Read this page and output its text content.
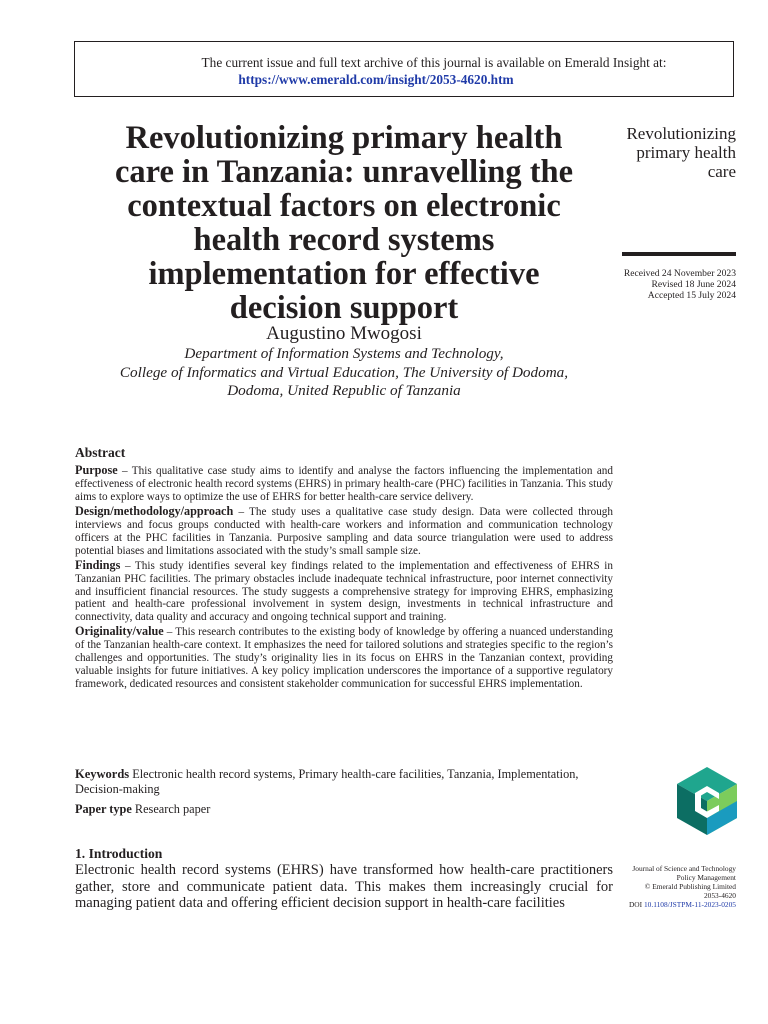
The current issue and full text archive of this journal is available on Emerald Insight at:
https://www.emerald.com/insight/2053-4620.htm
Revolutionizing primary health
care in Tanzania: unravelling the
contextual factors on electronic
health record systems
implementation for effective
decision support
Augustino Mwogosi
Department of Information Systems and Technology,
College of Informatics and Virtual Education, The University of Dodoma,
Dodoma, United Republic of Tanzania
Revolutionizing
primary health
care
Received 24 November 2023
Revised 18 June 2024
Accepted 15 July 2024
Abstract

Purpose – This qualitative case study aims to identify and analyse the factors influencing the implementation and effectiveness of electronic health record systems (EHRS) in primary health-care (PHC) facilities in Tanzania. This study aims to explore ways to optimize the use of EHRS for better health-care service delivery.

Design/methodology/approach – The study uses a qualitative case study design. Data were collected through interviews and focus groups conducted with health-care workers and information and communication technology officers at the PHC facilities in Tanzania. Purposive sampling and data source triangulation were used to address potential biases and limitations associated with the study’s small sample size.

Findings – This study identifies several key findings related to the implementation and effectiveness of EHRS in Tanzanian PHC facilities. The primary obstacles include inadequate technical infrastructure, poor internet connectivity and insufficient financial resources. The study suggests a comprehensive strategy for improving EHRS, emphasizing patient and health-care professional involvement in system design, investments in technical infrastructure and connectivity, data quality and accuracy and ongoing technical support and training.

Originality/value – This research contributes to the existing body of knowledge by offering a nuanced understanding of the Tanzanian health-care context. It emphasizes the need for tailored solutions and strategies specific to the region’s challenges and opportunities. The study’s originality lies in its focus on EHRS in the Tanzanian context, providing valuable insights for future initiatives. A key policy implication underscores the importance of a supportive regulatory framework, dedicated resources and consistent stakeholder communication for successful EHRS implementation.

Keywords Electronic health record systems, Primary health-care facilities, Tanzania, Implementation, Decision-making
Paper type Research paper
1. Introduction
Electronic health record systems (EHRS) have transformed how health-care practitioners gather, store and communicate patient data. This makes them increasingly crucial for managing patient data and offering efficient decision support in health-care facilities
Journal of Science and Technology
Policy Management
© Emerald Publishing Limited
2053-4620
DOI 10.1108/JSTPM-11-2023-0205
